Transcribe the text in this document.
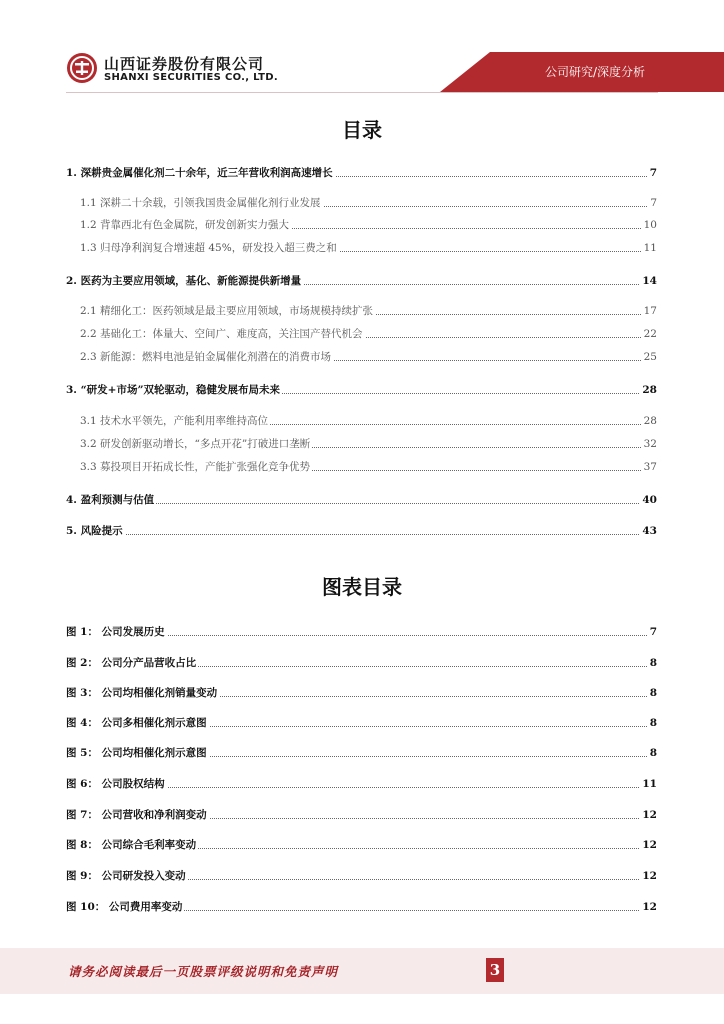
山西证券股份有限公司
SHANXI SECURITIES CO., LTD.	公司研究/深度分析
目录
1. 深耕贵金属催化剂二十余年，近三年营收利润高速增长	7
1.1 深耕二十余载，引领我国贵金属催化剂行业发展	7
1.2 背靠西北有色金属院，研发创新实力强大	10
1.3 归母净利润复合增速超 45%，研发投入超三费之和	11
2. 医药为主要应用领域，基化、新能源提供新增量	14
2.1 精细化工：医药领域是最主要应用领域，市场规模持续扩张	17
2.2 基础化工：体量大、空间广、难度高，关注国产替代机会	22
2.3 新能源：燃料电池是铂金属催化剂潜在的消费市场	25
3. “研发+市场”双轮驱动，稳健发展布局未来	28
3.1 技术水平领先，产能利用率维持高位	28
3.2 研发创新驱动增长，“多点开花”打破进口垄断	32
3.3 募投项目开拓成长性，产能扩张强化竞争优势	37
4. 盈利预测与估值	40
5. 风险提示	43
图表目录
图 1： 公司发展历史	7
图 2： 公司分产品营收占比	8
图 3： 公司均相催化剂销量变动	8
图 4： 公司多相催化剂示意图	8
图 5： 公司均相催化剂示意图	8
图 6： 公司股权结构	11
图 7： 公司营收和净利润变动	12
图 8： 公司综合毛利率变动	12
图 9： 公司研发投入变动	12
图 10： 公司费用率变动	12
请务必阅读最后一页股票评级说明和免责声明	3
